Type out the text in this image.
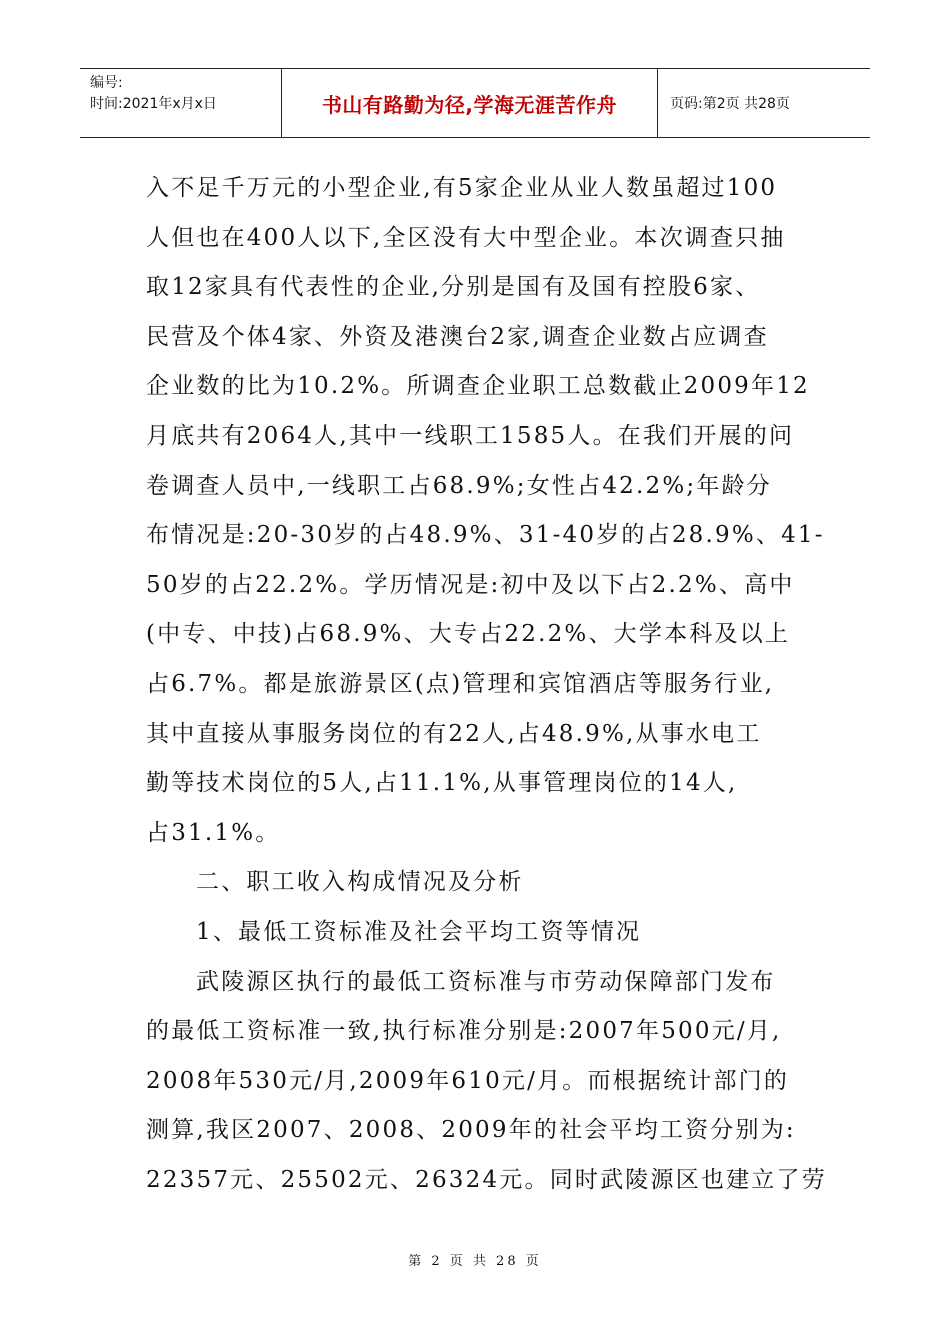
编号:
时间:2021年x月x日	书山有路勤为径,学海无涯苦作舟	页码:第2页 共28页

入不足千万元的小型企业,有5家企业从业人数虽超过100

人但也在400人以下,全区没有大中型企业。本次调查只抽

取12家具有代表性的企业,分别是国有及国有控股6家、

民营及个体4家、外资及港澳台2家,调查企业数占应调查

企业数的比为10.2%。所调查企业职工总数截止2009年12

月底共有2064人,其中一线职工1585人。在我们开展的问

卷调查人员中,一线职工占68.9%;女性占42.2%;年龄分

布情况是:20-30岁的占48.9%、31-40岁的占28.9%、41-

50岁的占22.2%。学历情况是:初中及以下占2.2%、高中

(中专、中技)占68.9%、大专占22.2%、大学本科及以上

占6.7%。都是旅游景区(点)管理和宾馆酒店等服务行业,

其中直接从事服务岗位的有22人,占48.9%,从事水电工

勤等技术岗位的5人,占11.1%,从事管理岗位的14人,

占31.1%。

二、职工收入构成情况及分析

1、最低工资标准及社会平均工资等情况

武陵源区执行的最低工资标准与市劳动保障部门发布

的最低工资标准一致,执行标准分别是:2007年500元/月,

2008年530元/月,2009年610元/月。而根据统计部门的

测算,我区2007、2008、2009年的社会平均工资分别为:

22357元、25502元、26324元。同时武陵源区也建立了劳

第 2 页 共 28 页
